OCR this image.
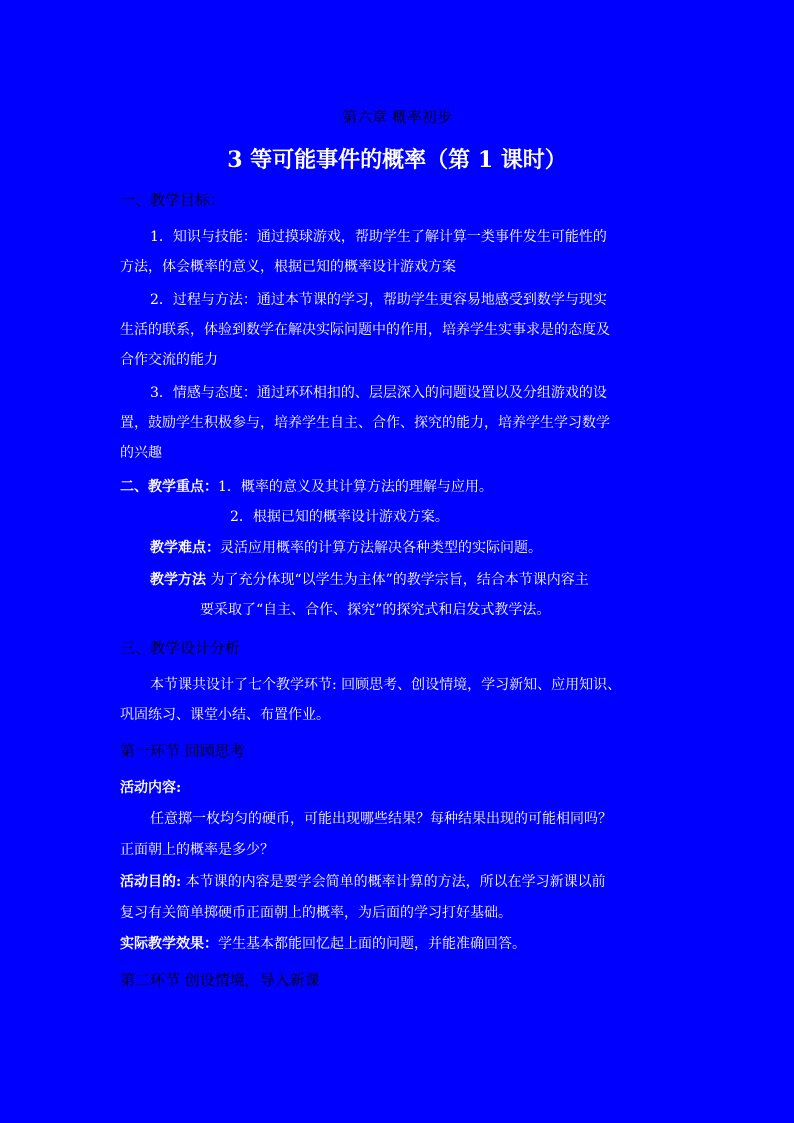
第六章 概率初步
3 等可能事件的概率（第 1 课时）
一、教学目标：
1．知识与技能：通过摸球游戏，帮助学生了解计算一类事件发生可能性的
方法，体会概率的意义，根据已知的概率设计游戏方案
2．过程与方法：通过本节课的学习，帮助学生更容易地感受到数学与现实
生活的联系，体验到数学在解决实际问题中的作用，培养学生实事求是的态度及
合作交流的能力
3．情感与态度：通过环环相扣的、层层深入的问题设置以及分组游戏的设
置，鼓励学生积极参与，培养学生自主、合作、探究的能力，培养学生学习数学
的兴趣
二、教学重点：1．概率的意义及其计算方法的理解与应用。
2．根据已知的概率设计游戏方案。
教学难点：灵活应用概率的计算方法解决各种类型的实际问题。
教学方法 为了充分体现“以学生为主体”的教学宗旨，结合本节课内容主
要采取了“自主、合作、探究”的探究式和启发式教学法。
三、教学设计分析
本节课共设计了七个教学环节: 回顾思考、创设情境，学习新知、应用知识、
巩固练习、课堂小结、布置作业。
第一环节 回顾思考
活动内容:
任意掷一枚均匀的硬币，可能出现哪些结果？每种结果出现的可能相同吗？
正面朝上的概率是多少？
活动目的: 本节课的内容是要学会简单的概率计算的方法，所以在学习新课以前
复习有关简单掷硬币正面朝上的概率，为后面的学习打好基础。
实际教学效果：学生基本都能回忆起上面的问题，并能准确回答。
第二环节 创设情境，导入新课
